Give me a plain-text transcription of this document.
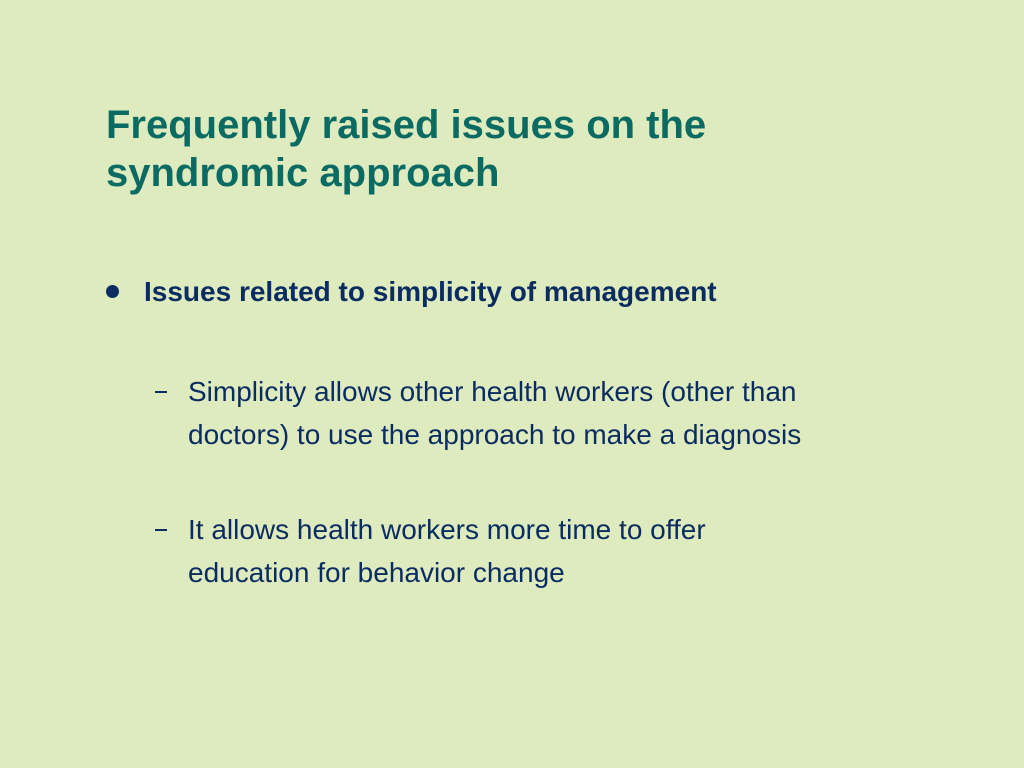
Frequently raised issues on the
syndromic approach
Issues related to simplicity of management
Simplicity allows other health workers (other than
doctors) to use the approach to make a diagnosis
It allows health workers more time to offer
education for behavior change
